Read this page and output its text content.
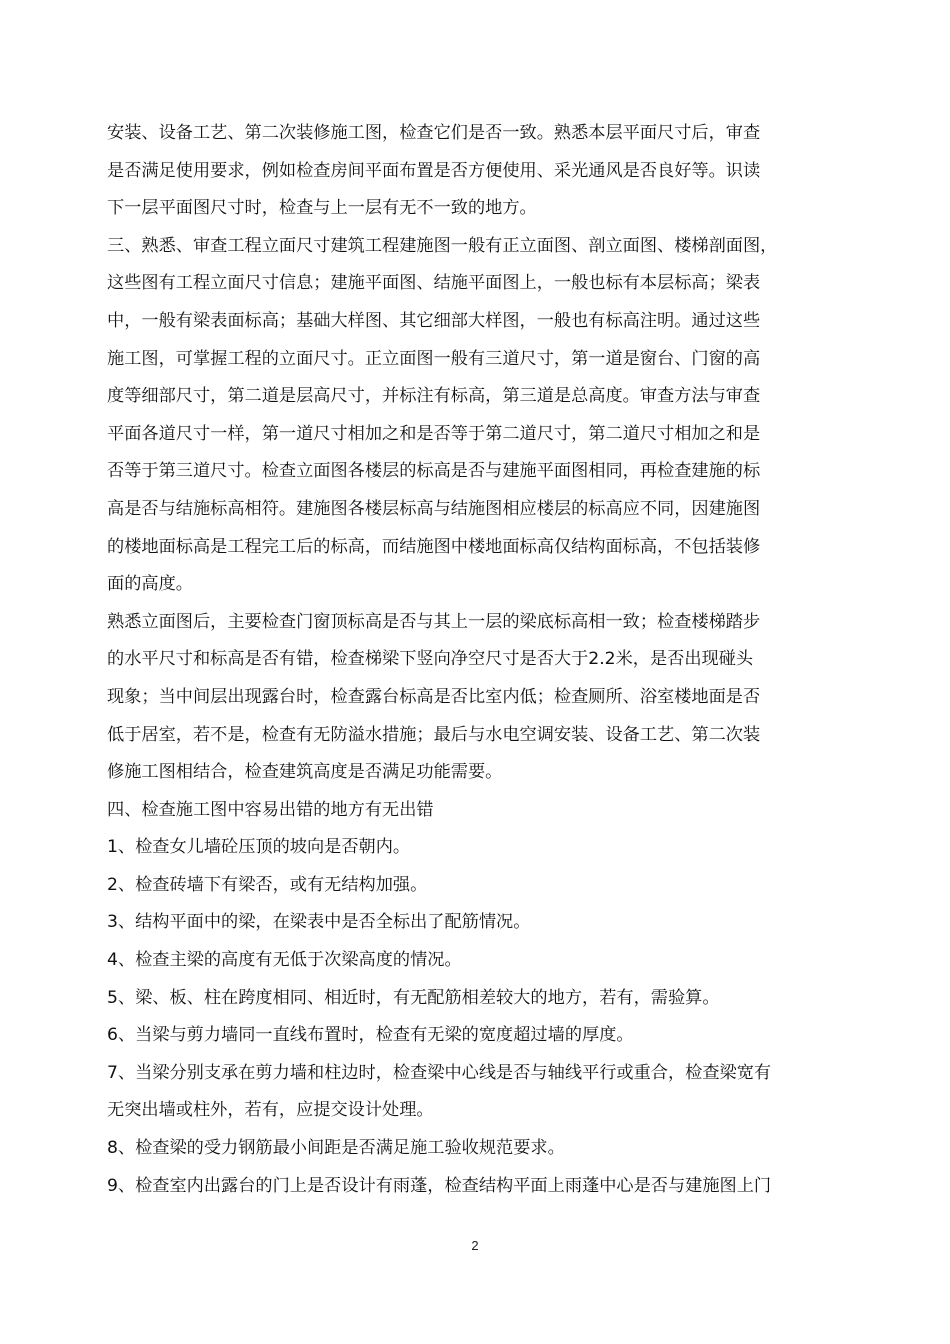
安装、设备工艺、第二次装修施工图，检查它们是否一致。熟悉本层平面尺寸后，审查
是否满足使用要求，例如检查房间平面布置是否方便使用、采光通风是否良好等。识读
下一层平面图尺寸时，检查与上一层有无不一致的地方。
三、熟悉、审查工程立面尺寸建筑工程建施图一般有正立面图、剖立面图、楼梯剖面图，
这些图有工程立面尺寸信息；建施平面图、结施平面图上，一般也标有本层标高；梁表
中，一般有梁表面标高；基础大样图、其它细部大样图，一般也有标高注明。通过这些
施工图，可掌握工程的立面尺寸。正立面图一般有三道尺寸，第一道是窗台、门窗的高
度等细部尺寸，第二道是层高尺寸，并标注有标高，第三道是总高度。审查方法与审查
平面各道尺寸一样，第一道尺寸相加之和是否等于第二道尺寸，第二道尺寸相加之和是
否等于第三道尺寸。检查立面图各楼层的标高是否与建施平面图相同，再检查建施的标
高是否与结施标高相符。建施图各楼层标高与结施图相应楼层的标高应不同，因建施图
的楼地面标高是工程完工后的标高，而结施图中楼地面标高仅结构面标高，不包括装修
面的高度。
熟悉立面图后，主要检查门窗顶标高是否与其上一层的梁底标高相一致；检查楼梯踏步
的水平尺寸和标高是否有错，检查梯梁下竖向净空尺寸是否大于2.2米，是否出现碰头
现象；当中间层出现露台时，检查露台标高是否比室内低；检查厕所、浴室楼地面是否
低于居室，若不是，检查有无防溢水措施；最后与水电空调安装、设备工艺、第二次装
修施工图相结合，检查建筑高度是否满足功能需要。
四、检查施工图中容易出错的地方有无出错
1、检查女儿墙砼压顶的坡向是否朝内。
2、检查砖墙下有梁否，或有无结构加强。
3、结构平面中的梁，在梁表中是否全标出了配筋情况。
4、检查主梁的高度有无低于次梁高度的情况。
5、梁、板、柱在跨度相同、相近时，有无配筋相差较大的地方，若有，需验算。
6、当梁与剪力墙同一直线布置时，检查有无梁的宽度超过墙的厚度。
7、当梁分别支承在剪力墙和柱边时，检查梁中心线是否与轴线平行或重合，检查梁宽有
无突出墙或柱外，若有，应提交设计处理。
8、检查梁的受力钢筋最小间距是否满足施工验收规范要求。
9、检查室内出露台的门上是否设计有雨蓬，检查结构平面上雨蓬中心是否与建施图上门
2
